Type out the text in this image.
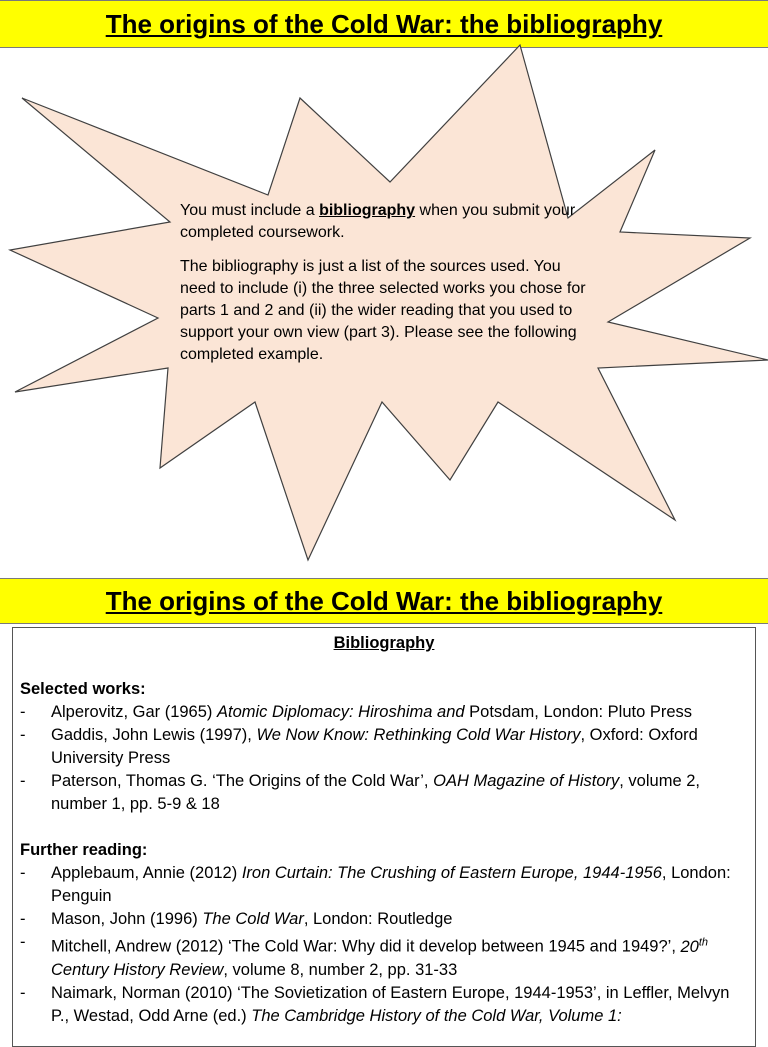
The origins of the Cold War: the bibliography

You must include a bibliography when you submit your completed coursework.

The bibliography is just a list of the sources used. You need to include (i) the three selected works you chose for parts 1 and 2 and (ii) the wider reading that you used to support your own view (part 3). Please see the following completed example.

The origins of the Cold War: the bibliography
Bibliography
Selected works:
- Alperovitz, Gar (1965) Atomic Diplomacy: Hiroshima and Potsdam, London: Pluto Press
- Gaddis, John Lewis (1997), We Now Know: Rethinking Cold War History, Oxford: Oxford University Press
- Paterson, Thomas G. ‘The Origins of the Cold War’, OAH Magazine of History, volume 2, number 1, pp. 5-9 & 18
Further reading:
- Applebaum, Annie (2012) Iron Curtain: The Crushing of Eastern Europe, 1944-1956, London: Penguin
- Mason, John (1996) The Cold War, London: Routledge
- Mitchell, Andrew (2012) ‘The Cold War: Why did it develop between 1945 and 1949?’, 20th Century History Review, volume 8, number 2, pp. 31-33
- Naimark, Norman (2010) ‘The Sovietization of Eastern Europe, 1944-1953’, in Leffler, Melvyn P., Westad, Odd Arne (ed.) The Cambridge History of the Cold War, Volume 1:
